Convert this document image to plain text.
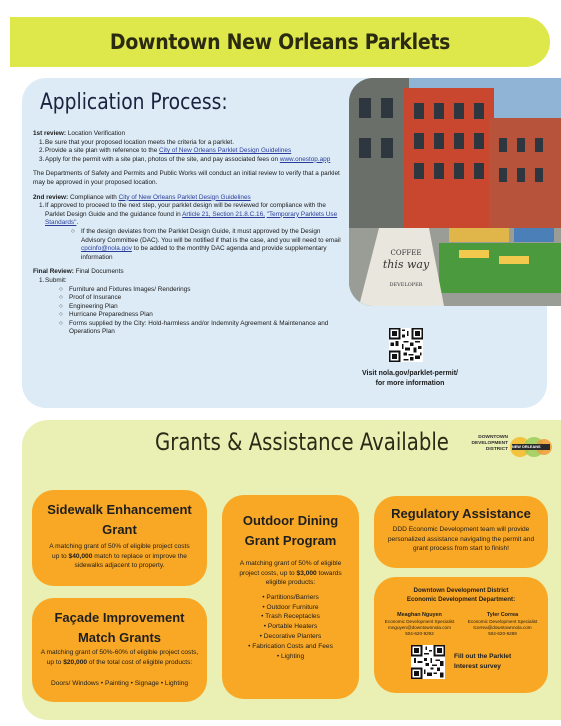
Downtown New Orleans Parklets
Application Process:
COFFEE
this way
DEVELOPER
1st review: Location Verification
1. Be sure that your proposed location meets the criteria for a parklet.
2. Provide a site plan with reference to the City of New Orleans Parklet Design Guidelines
3. Apply for the permit with a site plan, photos of the site, and pay associated fees on www.onestop.app
The Departments of Safety and Permits and Public Works will conduct an initial review to verify that a parklet may be approved in your proposed location.
2nd review: Compliance with City of New Orleans Parklet Design Guidelines
1. If approved to proceed to the next step, your parklet design will be reviewed for compliance with the Parklet Design Guide and the guidance found in Article 21, Section 21.8.C.16, "Temporary Parklets Use Standards".
○ If the design deviates from the Parklet Design Guide, it must approved by the Design Advisory Committee (DAC). You will be notified if that is the case, and you will need to email cpcinfo@nola.gov to be added to the monthly DAC agenda and provide supplementary information
Final Review: Final Documents
1. Submit:
○ Furniture and Fixtures Images/ Renderings
○ Proof of Insurance
○ Engineering Plan
○ Hurricane Preparedness Plan
○ Forms supplied by the City: Hold-harmless and/or Indemnity Agreement & Maintenance and Operations Plan
Visit nola.gov/parklet-permit/
for more information
Grants & Assistance Available	DOWNTOWN
DEVELOPMENT
DISTRICT NEW ORLEANS
Sidewalk Enhancement
Grant

A matching grant of 50% of eligible project costs up to $40,000 match to replace or improve the sidewalks adjacent to property.

Façade Improvement
Match Grants

A matching grant of 50%-60% of eligible project costs, up to $20,000 of the total cost of eligible products:

Doors/ Windows • Painting • Signage • Lighting

Outdoor Dining
Grant Program

A matching grant of 50% of eligible project costs, up to $3,000 towards eligible products:

• Partitions/Barriers
• Outdoor Furniture
• Trash Receptacles
• Portable Heaters
• Decorative Planters
• Fabrication Costs and Fees
• Lighting
Regulatory Assistance

DDD Economic Development team will provide personalized assistance navigating the permit and grant process from start to finish!

Downtown Development District
Economic Development Department:
Meaghan Nguyen
Economic Development Specialist
mnguyen@downtownnola.com
504-620-9292
Tyler Correa
Economic Development Specialist
tcorrea@downtownnola.com
504-620-9289
Fill out the Parklet
Interest survey
